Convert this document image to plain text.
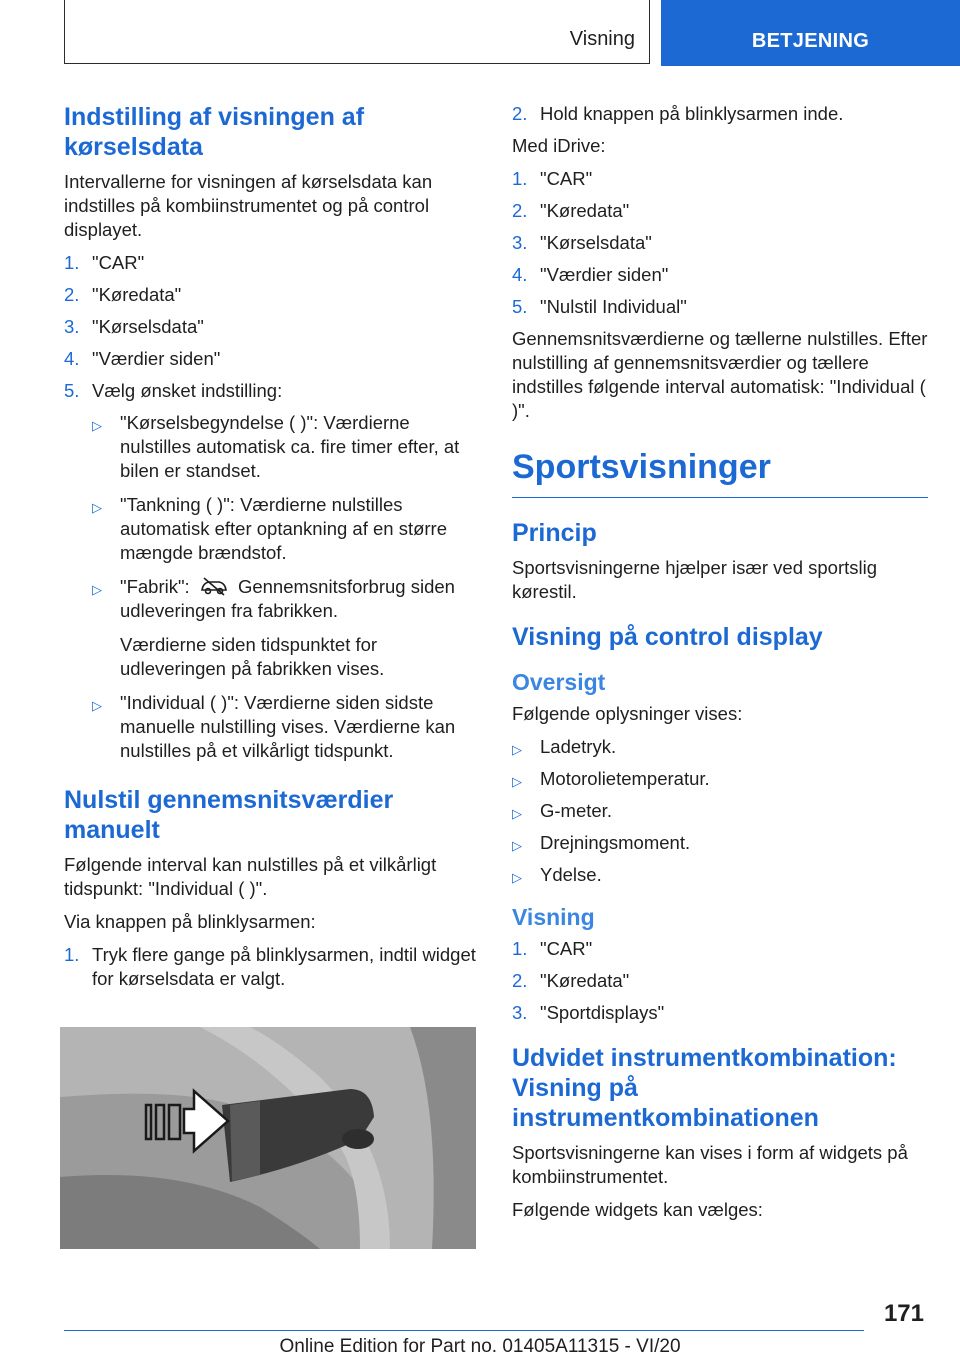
Visning	BETJENING
Indstilling af visningen af kørselsdata

Intervallerne for visningen af kørselsdata kan indstilles på kombiinstrumentet og på control displayet.

1. "CAR"
2. "Køredata"
3. "Kørselsdata"
4. "Værdier siden"
5. Vælg ønsket indstilling:
▷ "Kørselsbegyndelse ( )": Værdierne nulstilles automatisk ca. fire timer efter, at bilen er standset.
▷ "Tankning ( )": Værdierne nulstilles automatisk efter optankning af en større mængde brændstof.
▷ "Fabrik":	Gennemsnitsforbrug siden udleveringen fra fabrikken.
Værdierne siden tidspunktet for udleveringen på fabrikken vises.
▷ "Individual ( )": Værdierne siden sidste manuelle nulstilling vises. Værdierne kan nulstilles på et vilkårligt tidspunkt.
Nulstil gennemsnitsværdier manuelt

Følgende interval kan nulstilles på et vilkårligt tidspunkt: "Individual ( )".

Via knappen på blinklysarmen:

1. Tryk flere gange på blinklysarmen, indtil widget for kørselsdata er valgt.
2. Hold knappen på blinklysarmen inde.

Med iDrive:

1. "CAR"
2. "Køredata"
3. "Kørselsdata"
4. "Værdier siden"
5. "Nulstil Individual"

Gennemsnitsværdierne og tællerne nulstilles. Efter nulstilling af gennemsnitsværdier og tællere indstilles følgende interval automatisk: "Individual ( )".

Sportsvisninger
Princip

Sportsvisningerne hjælper især ved sportslig kørestil.

Visning på control display
Oversigt

Følgende oplysninger vises:

▷ Ladetryk.
▷ Motorolietemperatur.
▷ G-meter.
▷ Drejningsmoment.
▷ Ydelse.
Visning
1. "CAR"
2. "Køredata"
3. "Sportdisplays"
Udvidet instrumentkombination: Visning på instrumentkombinationen

Sportsvisningerne kan vises i form af widgets på kombiinstrumentet.

Følgende widgets kan vælges:

171
Online Edition for Part no. 01405A11315 - VI/20
